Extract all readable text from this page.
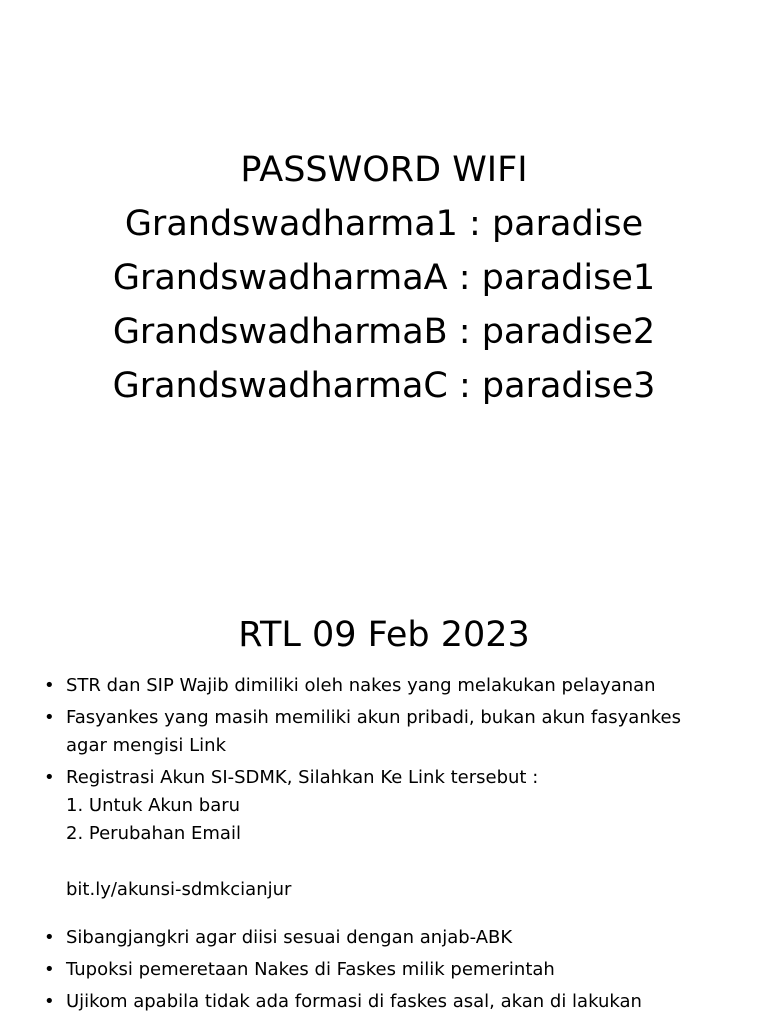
PASSWORD WIFI
Grandswadharma1 : paradise
GrandswadharmaA : paradise1
GrandswadharmaB : paradise2
GrandswadharmaC : paradise3
RTL 09 Feb 2023
• STR dan SIP Wajib dimiliki oleh nakes yang melakukan pelayanan
• Fasyankes yang masih memiliki akun pribadi, bukan akun fasyankes
agar mengisi Link
• Registrasi Akun SI-SDMK, Silahkan Ke Link tersebut :
1. Untuk Akun baru
2. Perubahan Email
bit.ly/akunsi-sdmkcianjur
• Sibangjangkri agar diisi sesuai dengan anjab-ABK
• Tupoksi pemeretaan Nakes di Faskes milik pemerintah
• Ujikom apabila tidak ada formasi di faskes asal, akan di lakukan
